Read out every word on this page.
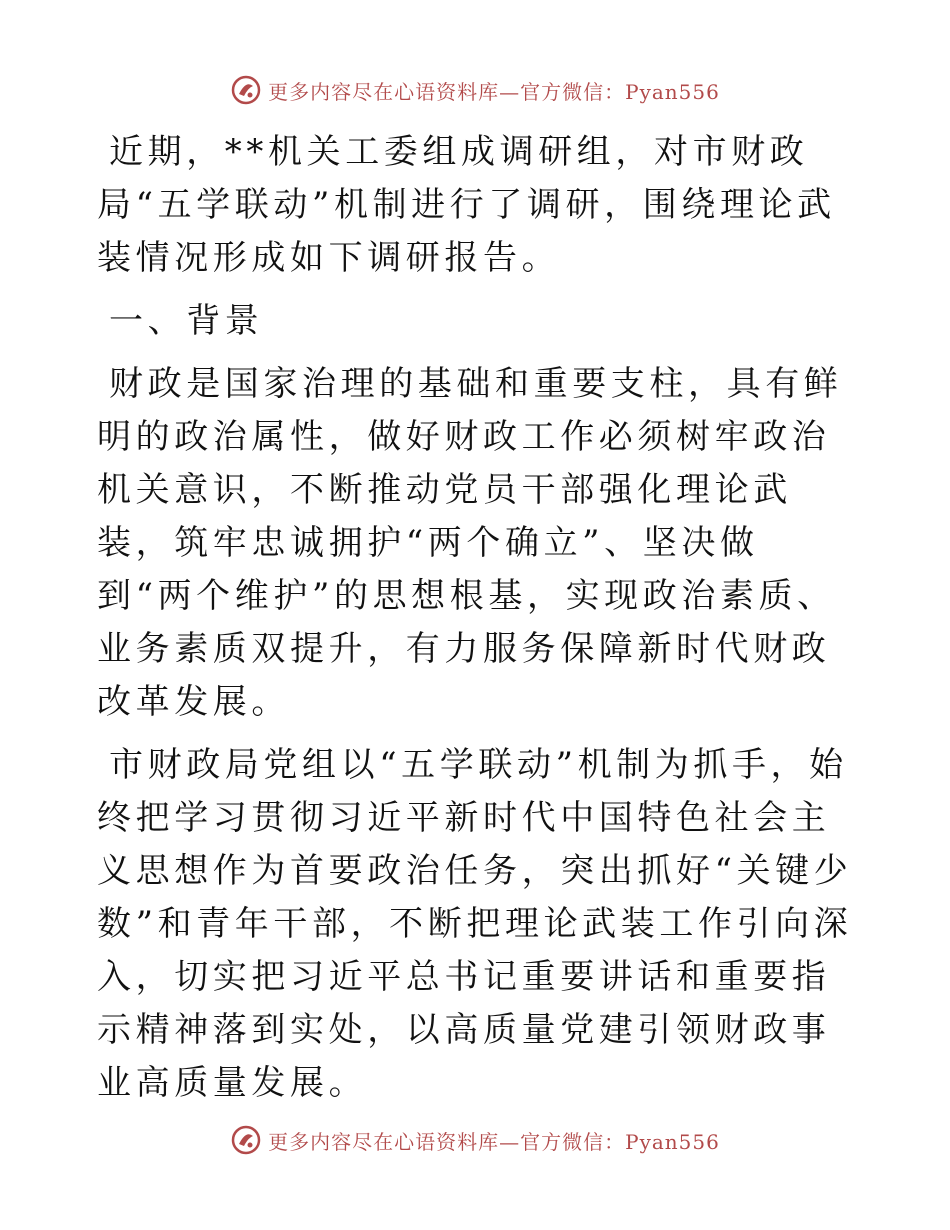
更多内容尽在心语资料库—官方微信：Pyan556

近期，**机关工委组成调研组，对市财政局“五学联动”机制进行了调研，围绕理论武装情况形成如下调研报告。

一、背景

财政是国家治理的基础和重要支柱，具有鲜明的政治属性，做好财政工作必须树牢政治机关意识，不断推动党员干部强化理论武装，筑牢忠诚拥护“两个确立”、坚决做到“两个维护”的思想根基，实现政治素质、业务素质双提升，有力服务保障新时代财政改革发展。

市财政局党组以“五学联动”机制为抓手，始终把学习贯彻习近平新时代中国特色社会主义思想作为首要政治任务，突出抓好“关键少数”和青年干部，不断把理论武装工作引向深入，切实把习近平总书记重要讲话和重要指示精神落到实处，以高质量党建引领财政事业高质量发展。

更多内容尽在心语资料库—官方微信：Pyan556
